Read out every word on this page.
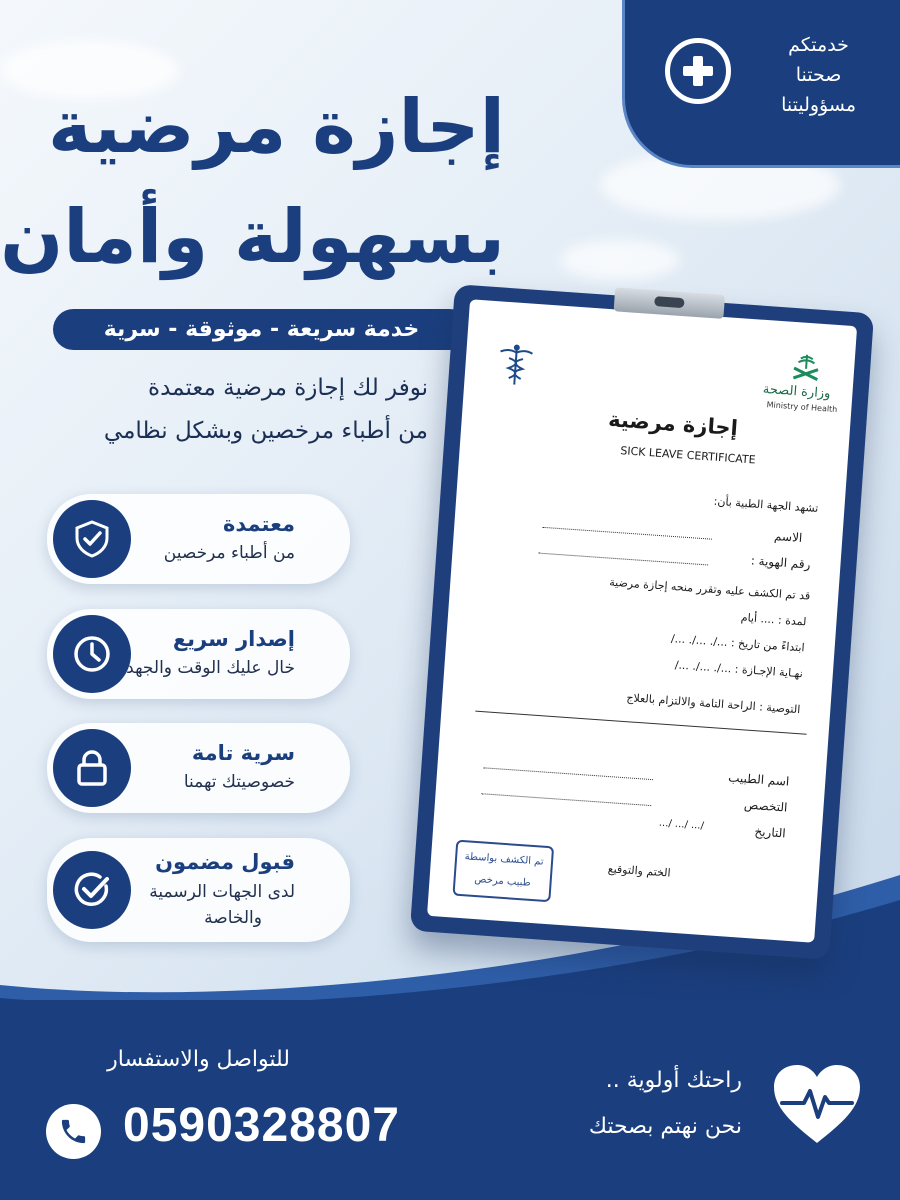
خدمتكم
صحتنا
مسؤوليتنا
إجازة مرضية
بسهولة وأمان
خدمة سريعة - موثوقة - سرية
نوفر لك إجازة مرضية معتمدة
من أطباء مرخصين وبشكل نظامي
معتمدة
من أطباء مرخصين
إصدار سريع
خال عليك الوقت والجهد
سرية تامة
خصوصيتك تهمنا
قبول مضمون
لدى الجهات الرسمية
والخاصة
وزارة الصحة
Ministry of Health
إجازة مرضية
SICK LEAVE CERTIFICATE
تشهد الجهة الطبية بأن:
الاسم
رقم الهوية :
قد تم الكشف عليه وتقرر منحه إجازة مرضية
لمدة : .... أيام
ابتداءً من تاريخ : .../. .../. .../
نهـاية الإجـازة : .../. .../. .../
التوصية : الراحة التامة والالتزام بالعلاج
اسم الطبيب
التخصص
التاريخ
.../ .../ .../
الختم والتوقيع
تم الكشف بواسطة
طبيب مرخص
للتواصل والاستفسار
0590328807
راحتك أولوية ..
نحن نهتم بصحتك
